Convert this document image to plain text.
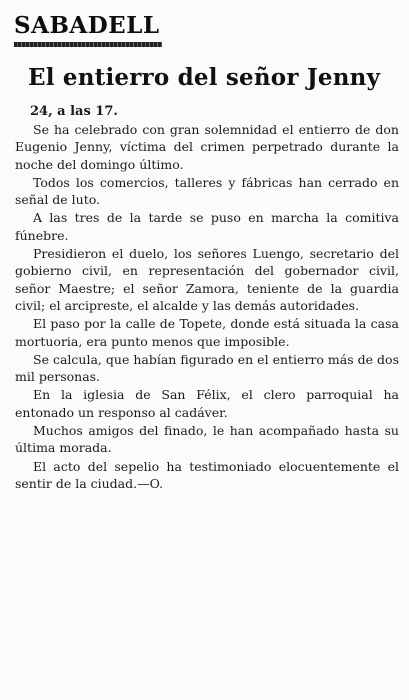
SABADELL
El entierro del señor Jenny
24, a las 17.

Se ha celebrado con gran solemnidad el entierro de don Eugenio Jenny, víctima del crimen perpetrado durante la noche del domingo último.

Todos los comercios, talleres y fábricas han cerrado en señal de luto.

A las tres de la tarde se puso en marcha la comitiva fúnebre.

Presidieron el duelo, los señores Luengo, secretario del gobierno civil, en representación del gobernador civil, señor Maestre; el señor Zamora, teniente de la guardia civil; el arcipreste, el alcalde y las demás autoridades.

El paso por la calle de Topete, donde está situada la casa mortuoria, era punto menos que imposible.

Se calcula, que habían figurado en el entierro más de dos mil personas.

En la iglesia de San Félix, el clero parroquial ha entonado un responso al cadáver.

Muchos amigos del finado, le han acompañado hasta su última morada.

El acto del sepelio ha testimoniado elocuentemente el sentir de la ciudad.—O.
